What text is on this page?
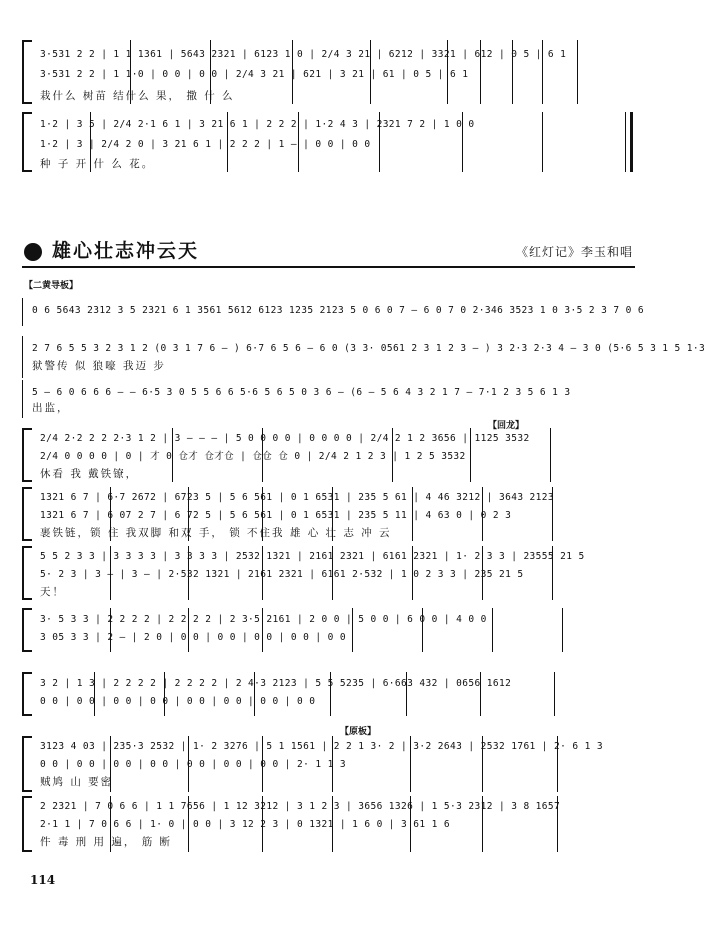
3·531 2 2 | 1 1 1361 | 5643 2321 | 6123 1 0 | 2/4 3 21 | 6212 | 3321 | 612 | 0 5 | 6 1
3·531 2 2 | 1 1·0 | 0 0 | 0 0 | 2/4 3 21 | 621 | 3 21 | 61 | 0 5 | 6 1
栽什么 树苗 结什么 果， 撒 什 么
1·2 | 3 5 | 2/4 2·1 6 1 | 3 21 6 1 | 2 2 2 | 1·2 4 3 | 2321 7 2 | 1 0 0
1·2 | 3 | 2/4 2 0 | 3 21 6 1 | 2 2 2 | 1 — | 0 0 | 0 0
种 子 开 什 么 花。
雄心壮志冲云天	《红灯记》李玉和唱
【二黄导板】
0 6 5643 2312 3 5 2321 6 1 3561 5612 6123 1235 2123 5 0 6 0 7 — 6 0 7 0 2·346 3523 1 0 3·5 2 3 7 0 6
2 7 6 5 5 3 2 3 1 2 (0 3 1 7 6 — ) 6·7 6 5 6 — 6 0 (3 3· 0561 2 3 1 2 3 — ) 3 2·3 2·3 4 — 3 0 (5·6 5 3 1 5 1·3
狱警传 似 狼嚎 我迈 步
5 — 6 0 6 6 6 — — 6·5 3 0 5 5 6 6 5·6 5 6 5 0 3 6 — (6 — 5 6 4 3 2 1 7 — 7·1 2 3 5 6 1 3
出监，
【回龙】
2/4 2·2 2 2 2·3 1 2 | 3 — — — | 5 0 0 0 0 | 0 0 0 0 | 2/4 2 1 2 3656 | 1125 3532
2/4 0 0 0 0 | 0 | 才 0 仓才 仓才仓 | 仓仓 仓 0 | 2/4 2 1 2 3 | 1 2 5 3532
休看 我 戴铁镣，
1321 6 7 | 6·7 2672 | 6723 5 | 5 6 561 | 0 1 6531 | 235 5 61 | 4 46 3212 | 3643 2123
1321 6 7 | 6 07 2 7 | 6 72 5 | 5 6 561 | 0 1 6531 | 235 5 11 | 4 63 0 | 0 2 3
裹铁链，锁 住 我双脚 和双 手， 锁 不住我 雄 心 壮 志 冲 云
5 5 2 3 3 | 3 3 3 3 | 3 3 3 3 | 2532 1321 | 2161 2321 | 6161 2321 | 1· 2 3 3 | 23555 21 5
5· 2 3 | 3 — | 3 — | 2·532 1321 | 2161 2321 | 6161 2·532 | 1 0 2 3 3 | 235 21 5
天！
3· 5 3 3 | 2 2 2 2 | 2 2 2 2 | 2 3·5 2161 | 2 0 0 | 5 0 0 | 6 0 0 | 4 0 0
3 05 3 3 | 2 — | 2 0 | 0 0 | 0 0 | 0 0 | 0 0 | 0 0
3 2 | 1 3 | 2 2 2 2 | 2 2 2 2 | 2 4·3 2123 | 5 5 5235 | 6·663 432 | 0656 1612
0 0 | 0 0 | 0 0 | 0 0 | 0 0 | 0 0 | 0 0 | 0 0
【原板】
3123 4 03 | 235·3 2532 | 1· 2 3276 | 5 1 1561 | 2 2 1 3· 2 | 3·2 2643 | 2532 1761 | 2· 6 1 3
0 0 | 0 0 | 0 0 | 0 0 | 0 0 | 0 0 | 0 0 | 2· 1 1 3
贼鸠 山 要密
2 2321 | 7 0 6 6 | 1 1 7656 | 1 12 3212 | 3 1 2 3 | 3656 1326 | 1 5·3 2312 | 3 8 1657
2·1 1 | 7 0 6 6 | 1· 0 | 0 0 | 3 12 2 3 | 0 1321 | 1 6 0 | 3 61 1 6
件 毒 刑 用 遍， 筋 断
114
